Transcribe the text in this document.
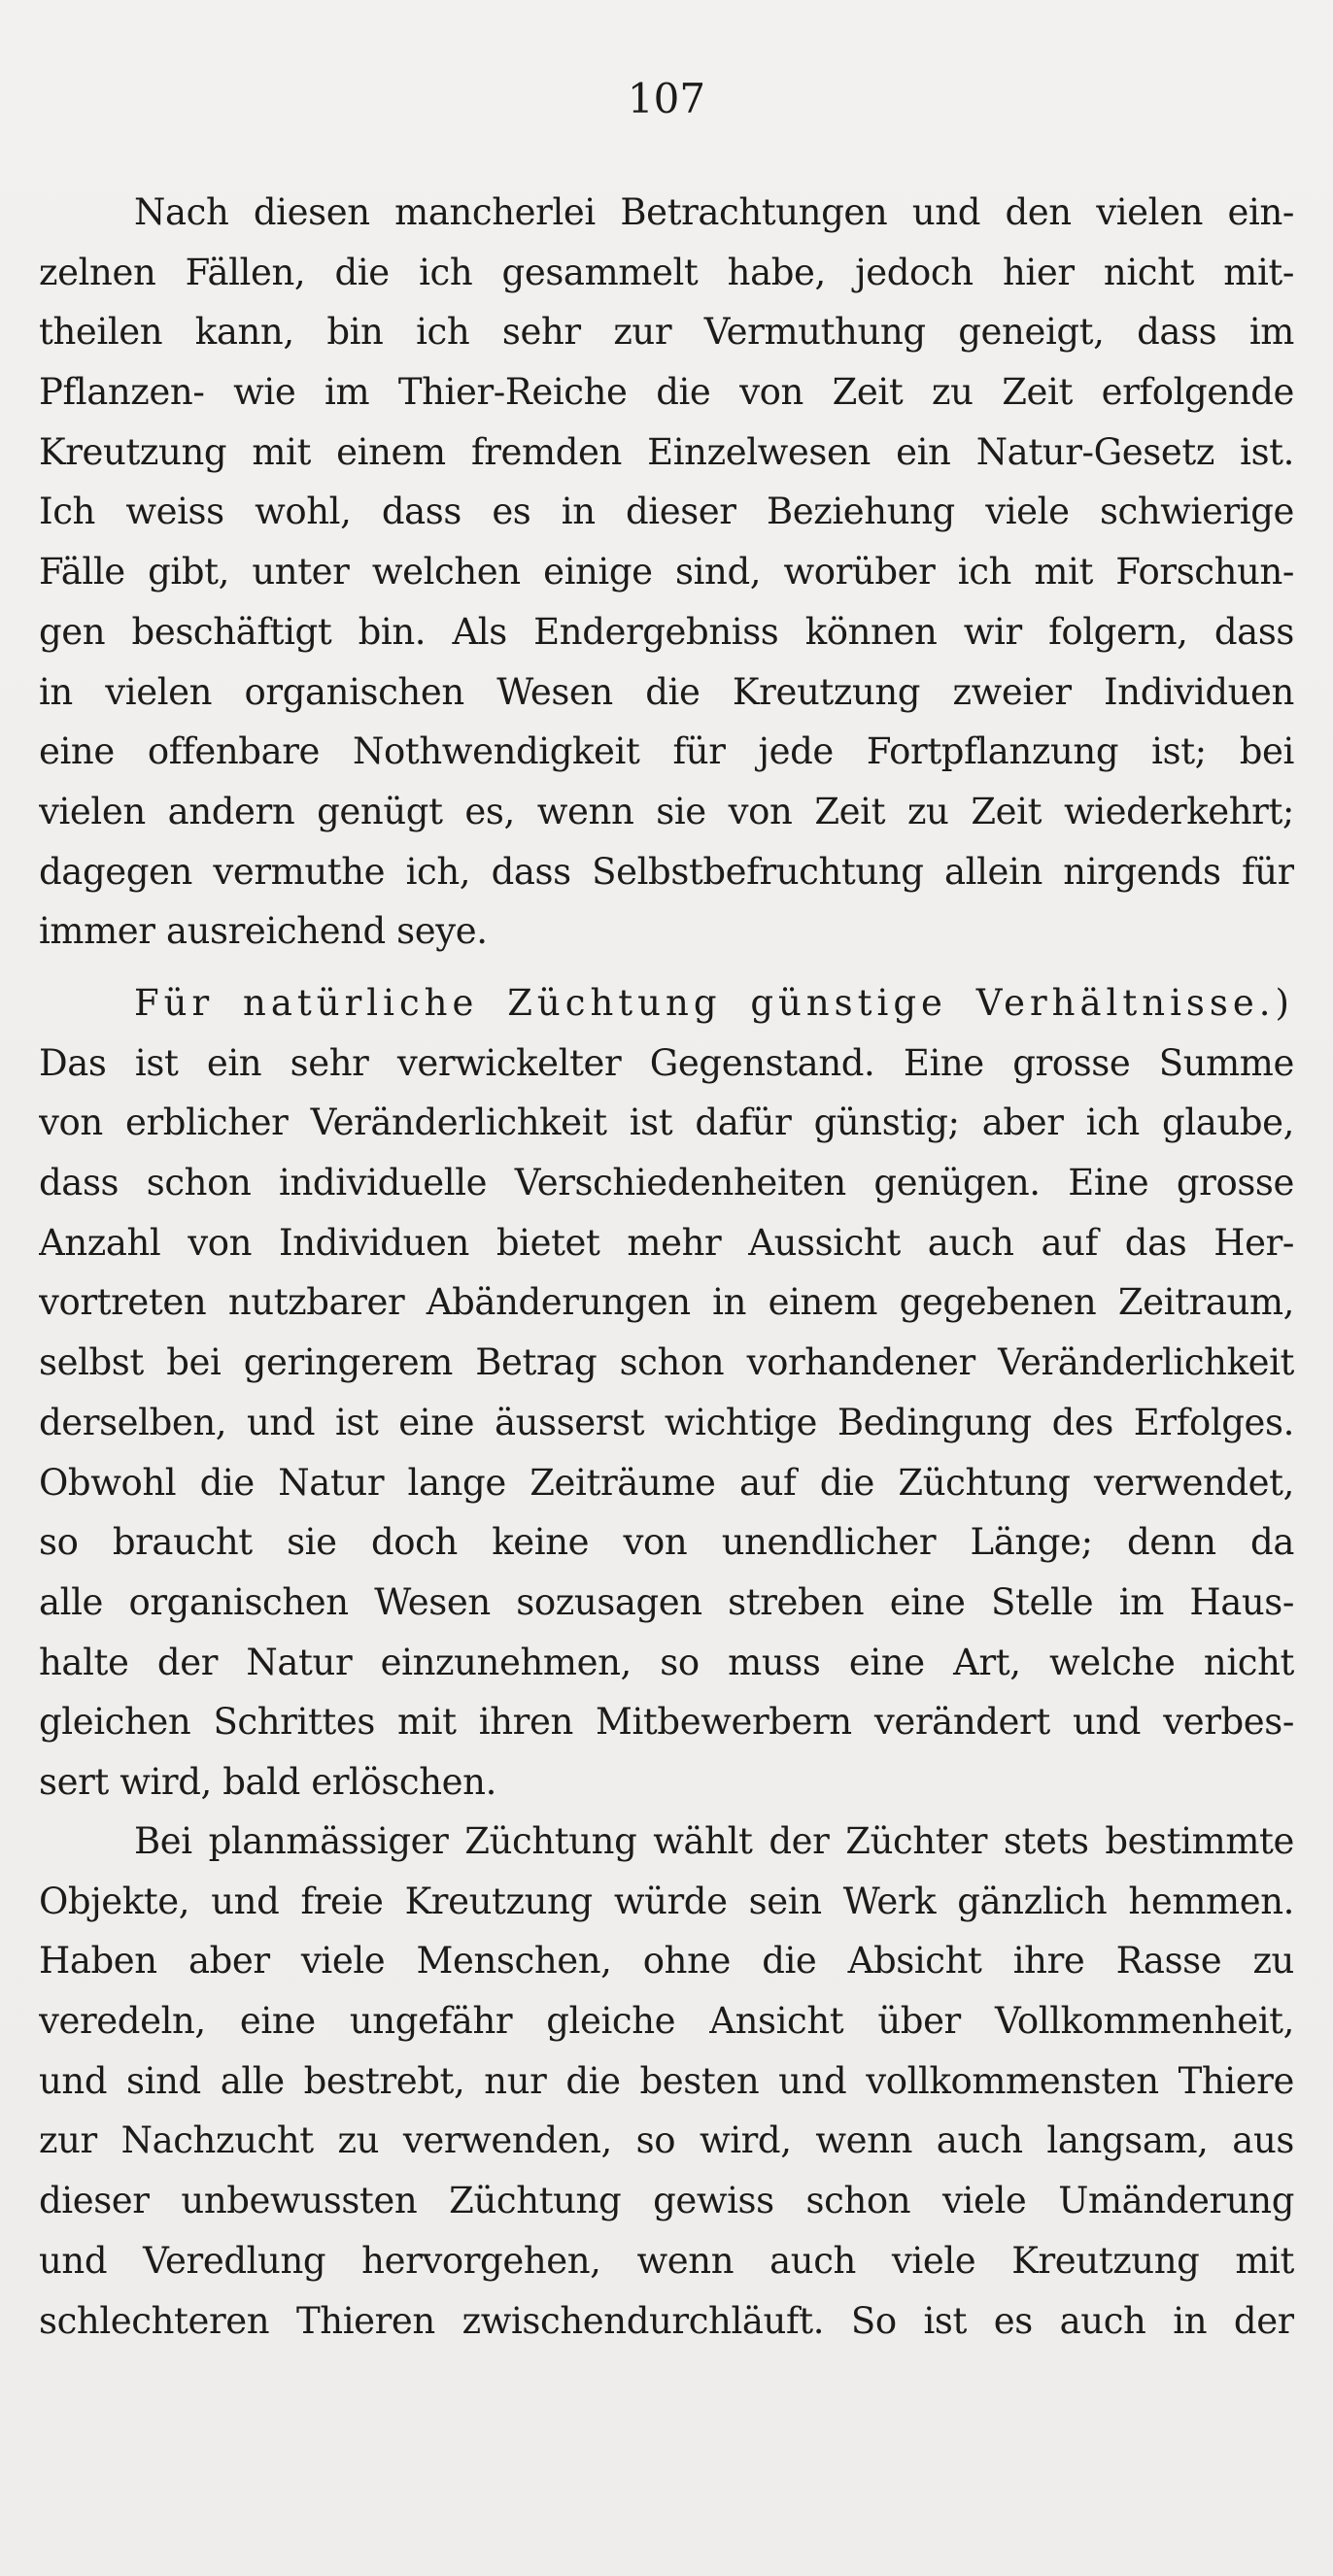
107
Nach diesen mancherlei Betrachtungen und den vielen ein-
zelnen Fällen, die ich gesammelt habe, jedoch hier nicht mit-
theilen kann, bin ich sehr zur Vermuthung geneigt, dass im
Pflanzen- wie im Thier-Reiche die von Zeit zu Zeit erfolgende
Kreutzung mit einem fremden Einzelwesen ein Natur-Gesetz ist.
Ich weiss wohl, dass es in dieser Beziehung viele schwierige
Fälle gibt, unter welchen einige sind, worüber ich mit Forschun-
gen beschäftigt bin. Als Endergebniss können wir folgern, dass
in vielen organischen Wesen die Kreutzung zweier Individuen
eine offenbare Nothwendigkeit für jede Fortpflanzung ist; bei
vielen andern genügt es, wenn sie von Zeit zu Zeit wiederkehrt;
dagegen vermuthe ich, dass Selbstbefruchtung allein nirgends für
immer ausreichend seye.
Für natürliche Züchtung günstige Verhältnisse.)
Das ist ein sehr verwickelter Gegenstand. Eine grosse Summe
von erblicher Veränderlichkeit ist dafür günstig; aber ich glaube,
dass schon individuelle Verschiedenheiten genügen. Eine grosse
Anzahl von Individuen bietet mehr Aussicht auch auf das Her-
vortreten nutzbarer Abänderungen in einem gegebenen Zeitraum,
selbst bei geringerem Betrag schon vorhandener Veränderlichkeit
derselben, und ist eine äusserst wichtige Bedingung des Erfolges.
Obwohl die Natur lange Zeiträume auf die Züchtung verwendet,
so braucht sie doch keine von unendlicher Länge; denn da
alle organischen Wesen sozusagen streben eine Stelle im Haus-
halte der Natur einzunehmen, so muss eine Art, welche nicht
gleichen Schrittes mit ihren Mitbewerbern verändert und verbes-
sert wird, bald erlöschen.
Bei planmässiger Züchtung wählt der Züchter stets bestimmte
Objekte, und freie Kreutzung würde sein Werk gänzlich hemmen.
Haben aber viele Menschen, ohne die Absicht ihre Rasse zu
veredeln, eine ungefähr gleiche Ansicht über Vollkommenheit,
und sind alle bestrebt, nur die besten und vollkommensten Thiere
zur Nachzucht zu verwenden, so wird, wenn auch langsam, aus
dieser unbewussten Züchtung gewiss schon viele Umänderung
und Veredlung hervorgehen, wenn auch viele Kreutzung mit
schlechteren Thieren zwischendurchläuft. So ist es auch in der
